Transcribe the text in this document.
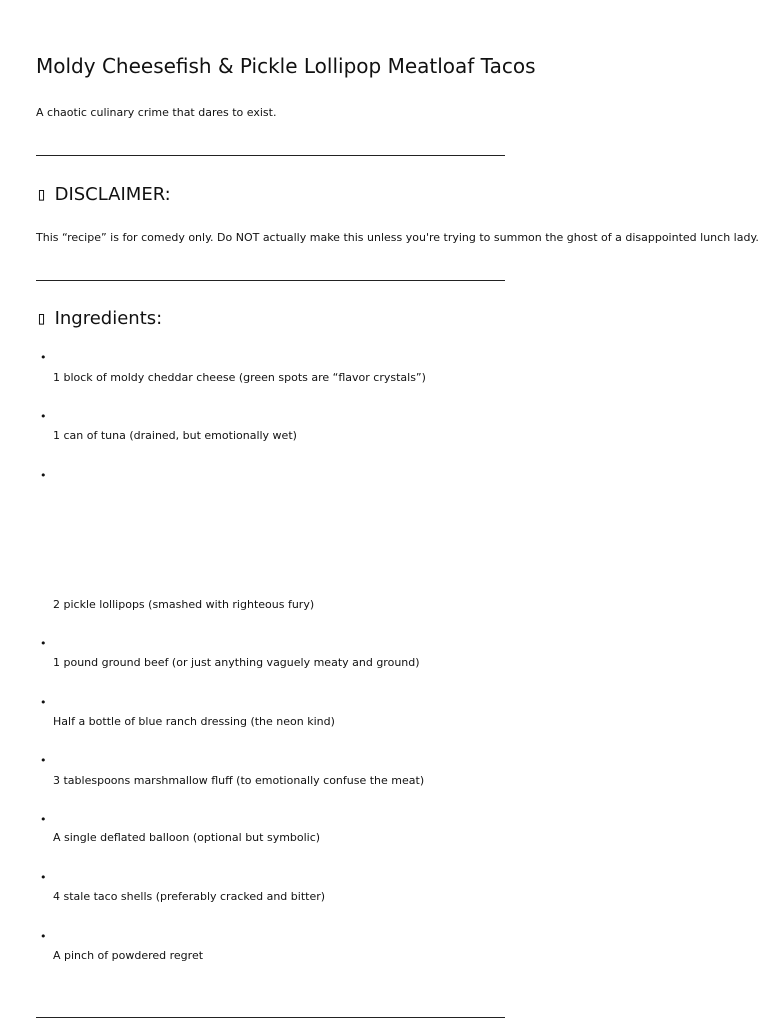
Moldy Cheesefish & Pickle Lollipop Meatloaf Tacos

A chaotic culinary crime that dares to exist.

▯ DISCLAIMER:

This “recipe” is for comedy only. Do NOT actually make this unless you're trying to summon the ghost of a disappointed lunch lady.

▯ Ingredients:
•
1 block of moldy cheddar cheese (green spots are “flavor crystals”)
•
1 can of tuna (drained, but emotionally wet)
•
2 pickle lollipops (smashed with righteous fury)
•
1 pound ground beef (or just anything vaguely meaty and ground)
•
Half a bottle of blue ranch dressing (the neon kind)
•
3 tablespoons marshmallow fluff (to emotionally confuse the meat)
•
A single deflated balloon (optional but symbolic)
•
4 stale taco shells (preferably cracked and bitter)
•
A pinch of powdered regret
